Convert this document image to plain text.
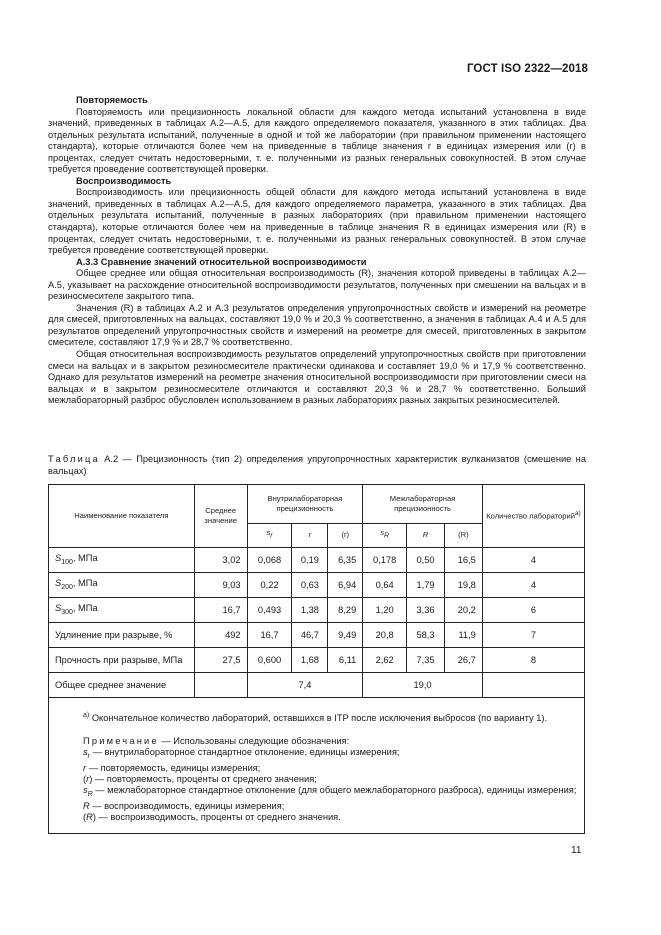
ГОСТ ISO 2322—2018

Повторяемость

Повторяемость или прецизионность локальной области для каждого метода испытаний установлена в виде значений, приведенных в таблицах А.2—А.5, для каждого определяемого показателя, указанного в этих таблицах. Два отдельных результата испытаний, полученные в одной и той же лаборатории (при правильном применении настоящего стандарта), которые отличаются более чем на приведенные в таблице значения r в единицах измерения или (r) в процентах, следует считать недостоверными, т. е. полученными из разных генеральных совокупностей. В этом случае требуется проведение соответствующей проверки.

Воспроизводимость

Воспроизводимость или прецизионность общей области для каждого метода испытаний установлена в виде значений, приведенных в таблицах А.2—А.5, для каждого определяемого параметра, указанного в этих таблицах. Два отдельных результата испытаний, полученные в разных лабораториях (при правильном применении настоящего стандарта), которые отличаются более чем на приведенные в таблице значения R в единицах измерения или (R) в процентах, следует считать недостоверными, т. е. полученными из разных генеральных совокупностей. В этом случае требуется проведение соответствующей проверки.

А.3.3 Сравнение значений относительной воспроизводимости

Общее среднее или общая относительная воспроизводимость (R), значения которой приведены в таблицах А.2—А.5, указывает на расхождение относительной воспроизводимости результатов, полученных при смешении на вальцах и в резиносмесителе закрытого типа.

Значения (R) в таблицах А.2 и А.3 результатов определения упругопрочностных свойств и измерений на реометре для смесей, приготовленных на вальцах, составляют 19,0 % и 20,3 % соответственно, а значения в таблицах А.4 и А.5 для результатов определений упругопрочностных свойств и измерений на реометре для смесей, приготовленных в закрытом смесителе, составляют 17,9 % и 28,7 % соответственно.

Общая относительная воспроизводимость результатов определений упругопрочностных свойств при приготовлении смеси на вальцах и в закрытом резиносмесителе практически одинакова и составляет 19,0 % и 17,9 % соответственно. Однако для результатов измерений на реометре значения относительной воспроизводимости при приготовлении смеси на вальцах и в закрытом резиносмесителе отличаются и составляют 20,3 % и 28,7 % соответственно. Больший межлабораторный разброс обусловлен использованием в разных лабораториях разных закрытых резиносмесителей.

Таблица А.2 — Прецизионность (тип 2) определения упругопрочностных характеристик вулканизатов (смешение на вальцах)
Наименование показателя	Среднее значение	Внутрилабораторная прецизионность			Межлабораторная прецизионность			Количество лабораторий$^{а)}$
		$s_r$	r	(r)	$s_R$	R	(R)	
$S_{100}$, МПа	3,02	0,068	0,19	6,35	0,178	0,50	16,5	4
$S_{200}$, МПа	9,03	0,22	0,63	6,94	0,64	1,79	19,8	4
$S_{300}$, МПа	16,7	0,493	1,38	8,29	1,20	3,36	20,2	6
Удлинение при разрыве, %	492	16,7	46,7	9,49	20,8	58,3	11,9	7
Прочность при разрыве, МПа	27,5	0,600	1,68	6,11	2,62	7,35	26,7	8
Общее среднее значение		7,4			19,0			
$^{а)}$ Окончательное количество лабораторий, оставшихся в ITP после исключения выбросов (по варианту 1).

Примечание — Использованы следующие обозначения:

$s_r$ — внутрилабораторное стандартное отклонение, единицы измерения;

r — повторяемость, единицы измерения;

(r) — повторяемость, проценты от среднего значения;

$s_R$ — межлабораторное стандартное отклонение (для общего межлабораторного разброса), единицы измерения;

R — воспроизводимость, единицы измерения;

(R) — воспроизводимость, проценты от среднего значения.

11
